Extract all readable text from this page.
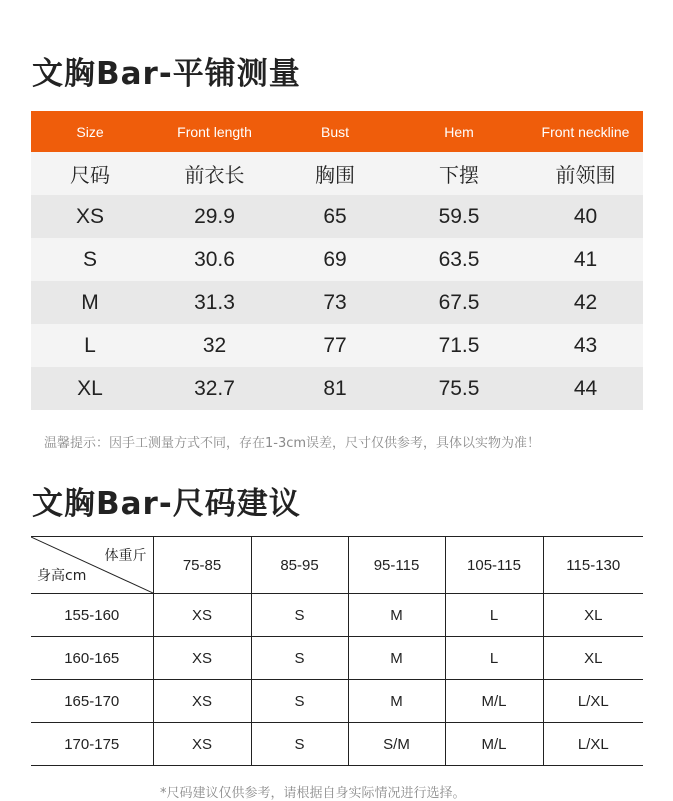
文胸Bar-平铺测量
Size	Front length	Bust	Hem	Front neckline
尺码	前衣长	胸围	下摆	前领围
XS	29.9	65	59.5	40
S	30.6	69	63.5	41
M	31.3	73	67.5	42
L	32	77	71.5	43
XL	32.7	81	75.5	44
温馨提示：因手工测量方式不同，存在1-3cm误差，尺寸仅供参考，具体以实物为准！
文胸Bar-尺码建议
体重斤
身高cm	75-85	85-95	95-115	105-115	115-130
155-160	XS	S	M	L	XL
160-165	XS	S	M	L	XL
165-170	XS	S	M	M/L	L/XL
170-175	XS	S	S/M	M/L	L/XL
*尺码建议仅供参考，请根据自身实际情况进行选择。
